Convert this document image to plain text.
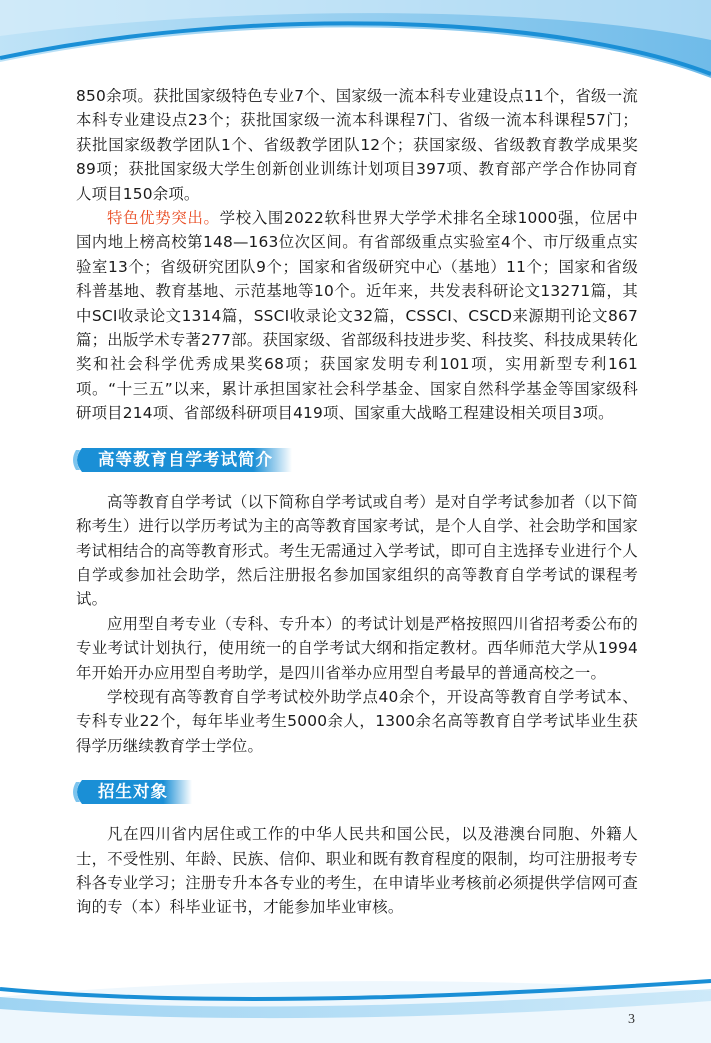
850余项。获批国家级特色专业7个、国家级一流本科专业建设点11个，省级一流本科专业建设点23个；获批国家级一流本科课程7门、省级一流本科课程57门；获批国家级教学团队1个、省级教学团队12个；获国家级、省级教育教学成果奖89项；获批国家级大学生创新创业训练计划项目397项、教育部产学合作协同育人项目150余项。

特色优势突出。学校入围2022软科世界大学学术排名全球1000强，位居中国内地上榜高校第148—163位次区间。有省部级重点实验室4个、市厅级重点实验室13个；省级研究团队9个；国家和省级研究中心（基地）11个；国家和省级科普基地、教育基地、示范基地等10个。近年来，共发表科研论文13271篇，其中SCI收录论文1314篇，SSCI收录论文32篇，CSSCI、CSCD来源期刊论文867篇；出版学术专著277部。获国家级、省部级科技进步奖、科技奖、科技成果转化奖和社会科学优秀成果奖68项；获国家发明专利101项，实用新型专利161项。“十三五”以来，累计承担国家社会科学基金、国家自然科学基金等国家级科研项目214项、省部级科研项目419项、国家重大战略工程建设相关项目3项。

高等教育自学考试简介

高等教育自学考试（以下简称自学考试或自考）是对自学考试参加者（以下简称考生）进行以学历考试为主的高等教育国家考试，是个人自学、社会助学和国家考试相结合的高等教育形式。考生无需通过入学考试，即可自主选择专业进行个人自学或参加社会助学，然后注册报名参加国家组织的高等教育自学考试的课程考试。

应用型自考专业（专科、专升本）的考试计划是严格按照四川省招考委公布的专业考试计划执行，使用统一的自学考试大纲和指定教材。西华师范大学从1994年开始开办应用型自考助学，是四川省举办应用型自考最早的普通高校之一。

学校现有高等教育自学考试校外助学点40余个，开设高等教育自学考试本、专科专业22个，每年毕业考生5000余人，1300余名高等教育自学考试毕业生获得学历继续教育学士学位。

招生对象

凡在四川省内居住或工作的中华人民共和国公民，以及港澳台同胞、外籍人士，不受性别、年龄、民族、信仰、职业和既有教育程度的限制，均可注册报考专科各专业学习；注册专升本各专业的考生，在申请毕业考核前必须提供学信网可查询的专（本）科毕业证书，才能参加毕业审核。

3
